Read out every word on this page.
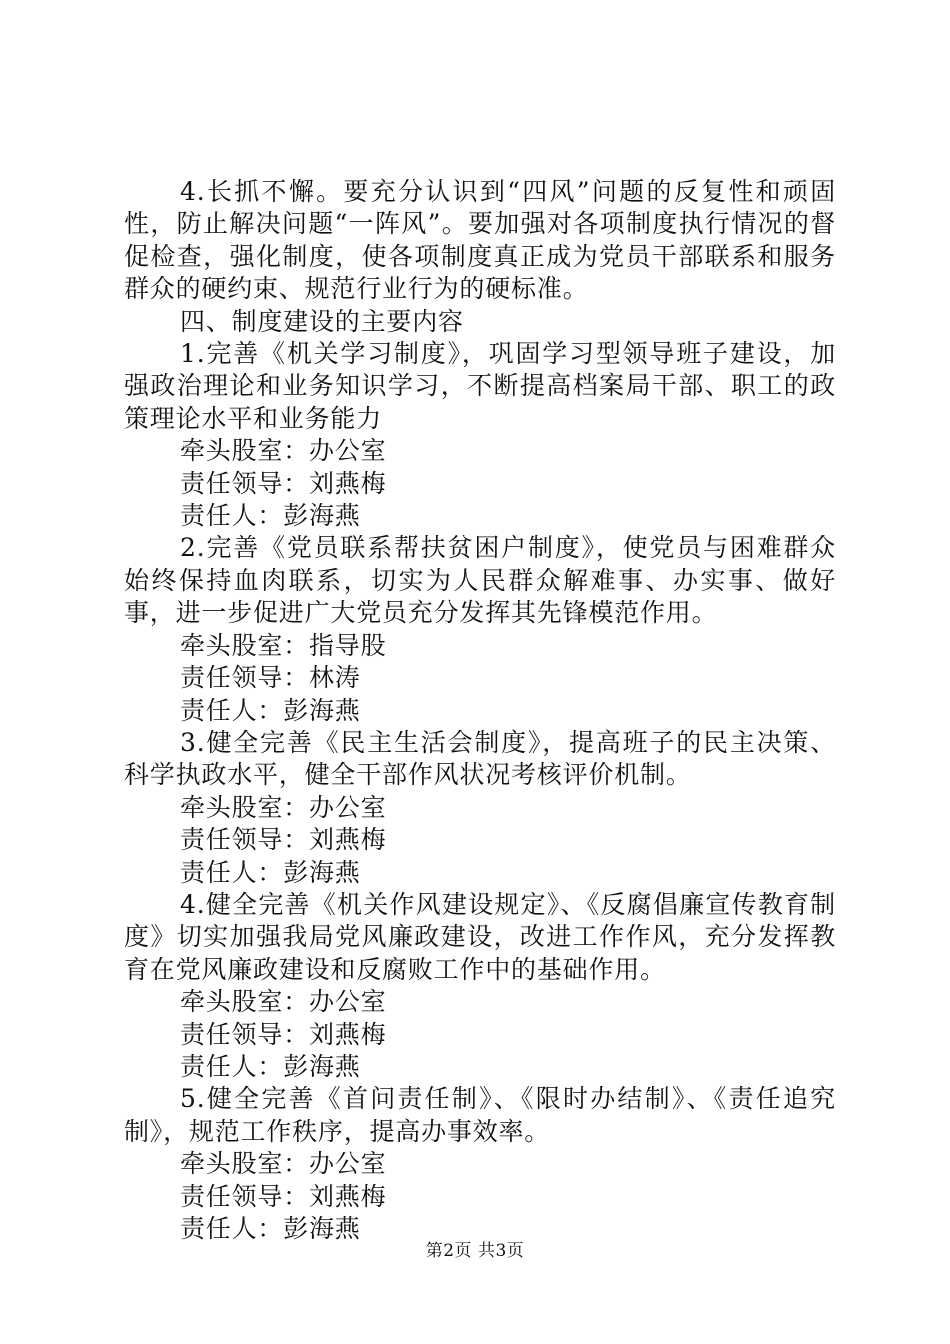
4.长抓不懈。要充分认识到“四风”问题的反复性和顽固性，防止解决问题“一阵风”。要加强对各项制度执行情况的督促检查，强化制度，使各项制度真正成为党员干部联系和服务群众的硬约束、规范行业行为的硬标准。

四、制度建设的主要内容

1.完善《机关学习制度》，巩固学习型领导班子建设，加强政治理论和业务知识学习，不断提高档案局干部、职工的政策理论水平和业务能力

牵头股室：办公室

责任领导：刘燕梅

责任人：彭海燕

2.完善《党员联系帮扶贫困户制度》，使党员与困难群众始终保持血肉联系，切实为人民群众解难事、办实事、做好事，进一步促进广大党员充分发挥其先锋模范作用。

牵头股室：指导股

责任领导：林涛

责任人：彭海燕

3.健全完善《民主生活会制度》，提高班子的民主决策、科学执政水平，健全干部作风状况考核评价机制。

牵头股室：办公室

责任领导：刘燕梅

责任人：彭海燕

4.健全完善《机关作风建设规定》、《反腐倡廉宣传教育制度》切实加强我局党风廉政建设，改进工作作风，充分发挥教育在党风廉政建设和反腐败工作中的基础作用。

牵头股室：办公室

责任领导：刘燕梅

责任人：彭海燕

5.健全完善《首问责任制》、《限时办结制》、《责任追究制》，规范工作秩序，提高办事效率。

牵头股室：办公室

责任领导：刘燕梅

责任人：彭海燕

第2页 共3页
